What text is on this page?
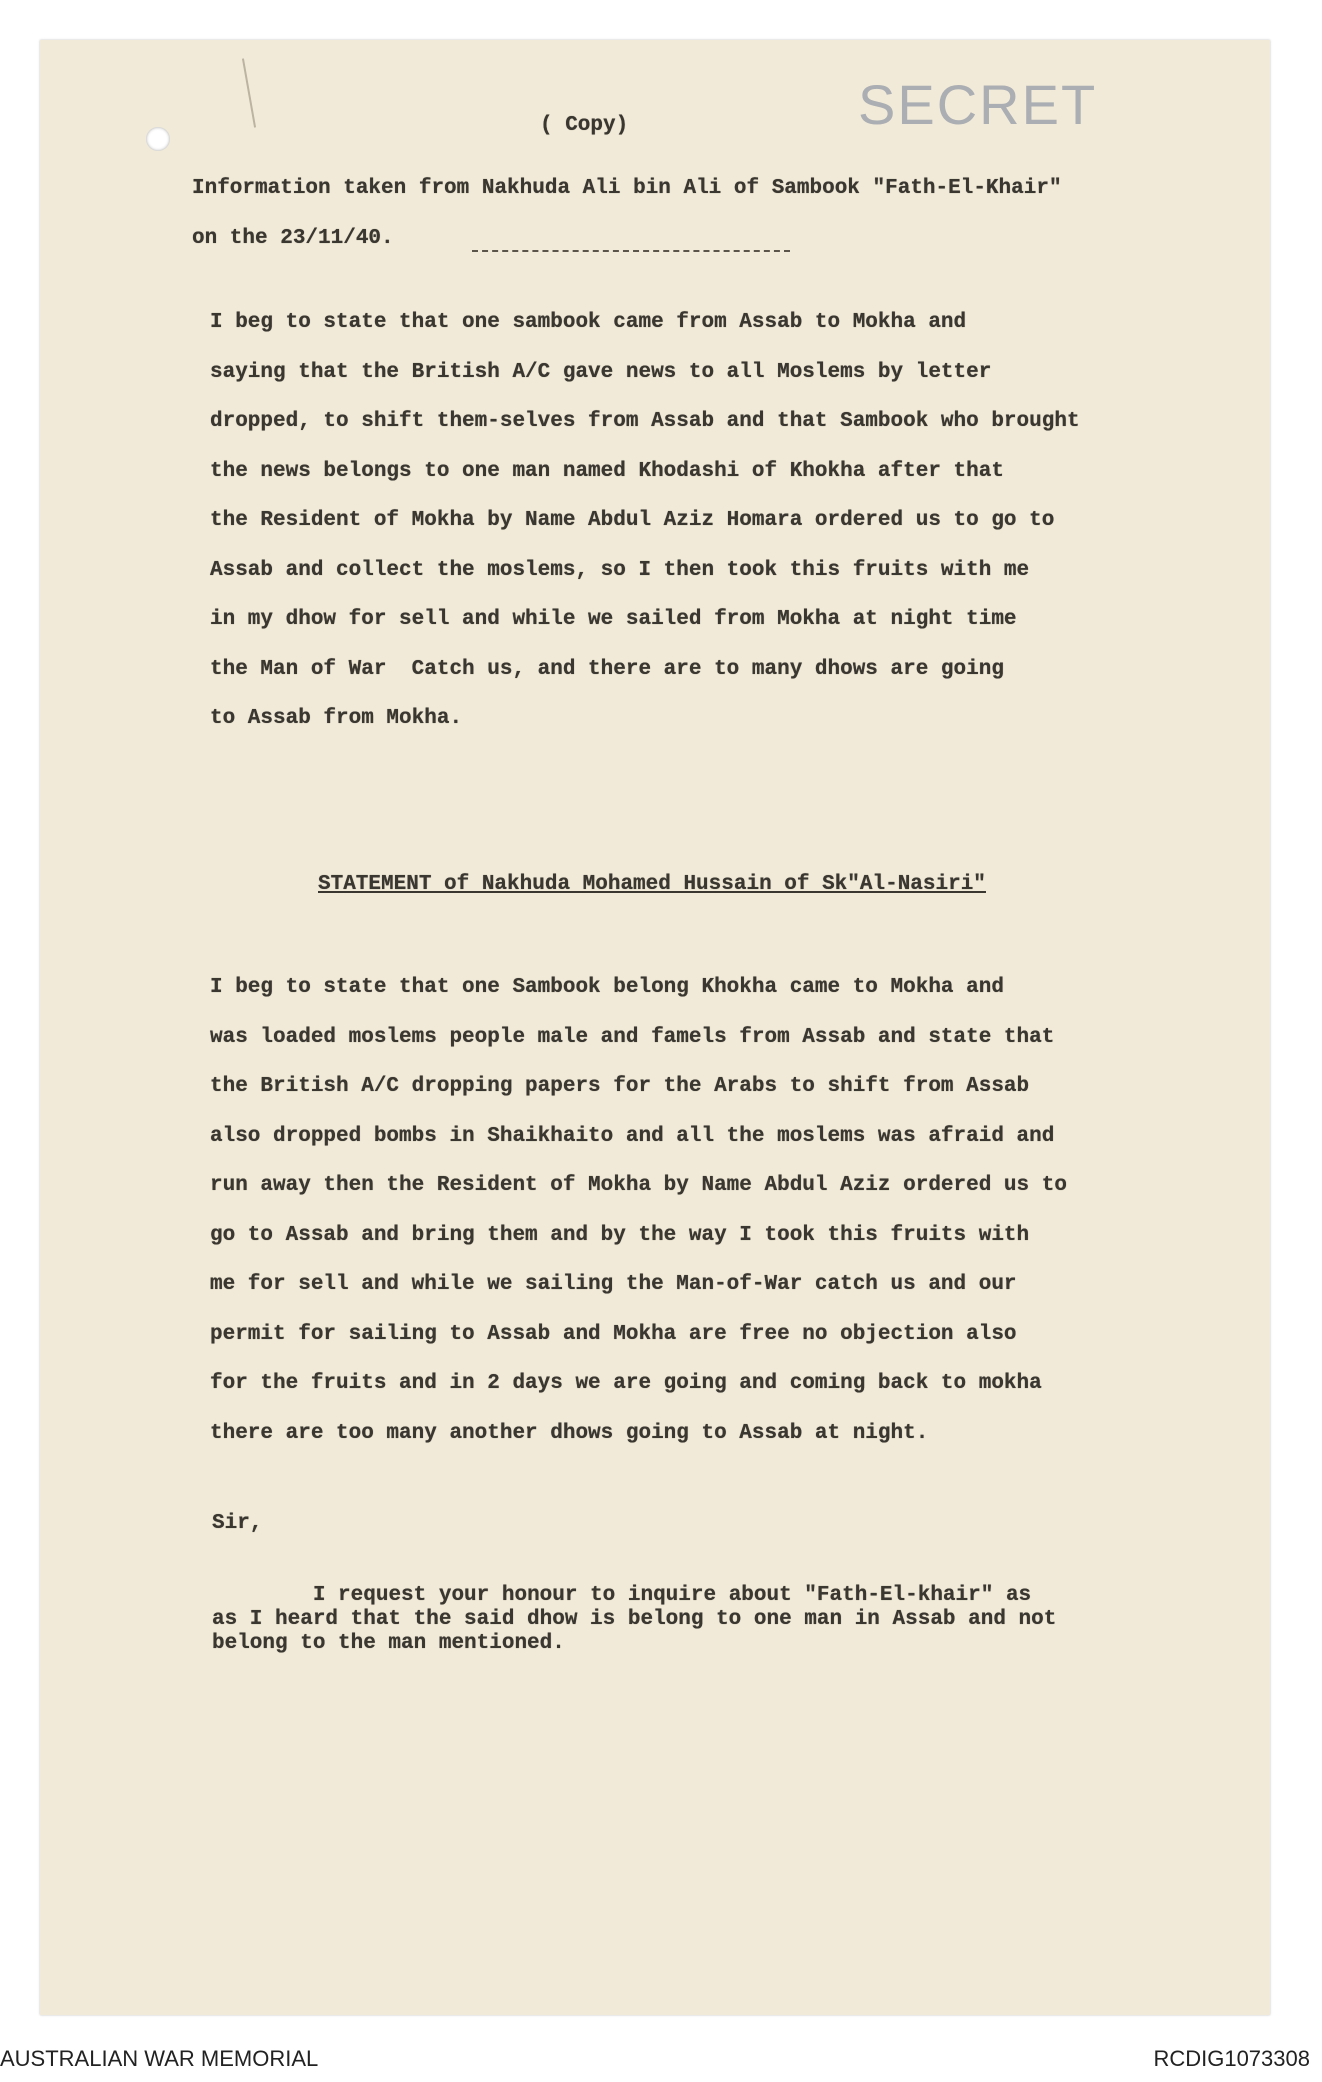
SECRET
( Copy)
Information taken from Nakhuda Ali bin Ali of Sambook "Fath-El-Khair"
on the 23/11/40.
I beg to state that one sambook came from Assab to Mokha and
saying that the British A/C gave news to all Moslems by letter
dropped, to shift them-selves from Assab and that Sambook who brought
the news belongs to one man named Khodashi of Khokha after that
the Resident of Mokha by Name Abdul Aziz Homara ordered us to go to
Assab and collect the moslems, so I then took this fruits with me
in my dhow for sell and while we sailed from Mokha at night time
the Man of War  Catch us, and there are to many dhows are going
to Assab from Mokha.
STATEMENT of Nakhuda Mohamed Hussain of Sk"Al-Nasiri"
I beg to state that one Sambook belong Khokha came to Mokha and
was loaded moslems people male and famels from Assab and state that
the British A/C dropping papers for the Arabs to shift from Assab
also dropped bombs in Shaikhaito and all the moslems was afraid and
run away then the Resident of Mokha by Name Abdul Aziz ordered us to
go to Assab and bring them and by the way I took this fruits with
me for sell and while we sailing the Man-of-War catch us and our
permit for sailing to Assab and Mokha are free no objection also
for the fruits and in 2 days we are going and coming back to mokha
there are too many another dhows going to Assab at night.
Sir,
I request your honour to inquire about "Fath-El-khair" as
as I heard that the said dhow is belong to one man in Assab and not
belong to the man mentioned.
AUSTRALIAN WAR MEMORIAL	RCDIG1073308
